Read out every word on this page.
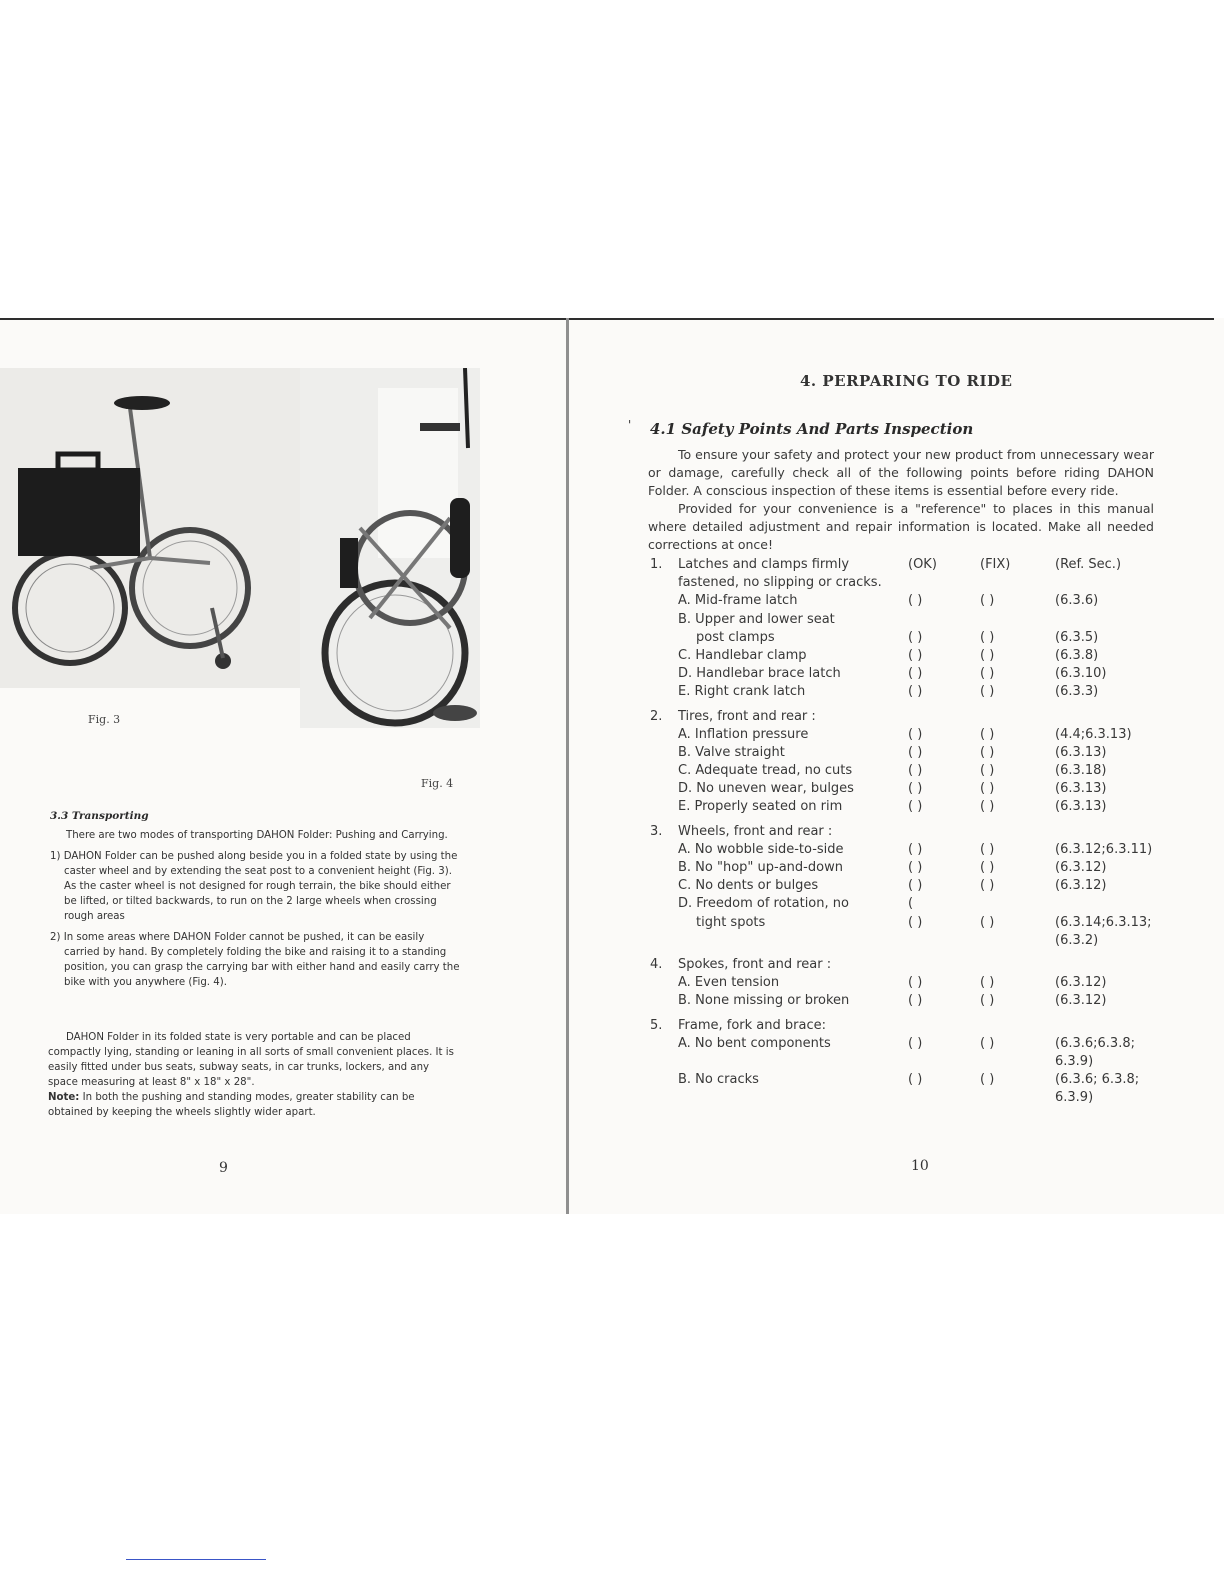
Fig. 3
Fig. 4
3.3 Transporting
There are two modes of transporting DAHON Folder: Pushing and Carrying.
1) DAHON Folder can be pushed along beside you in a folded state by using the caster wheel and by extending the seat post to a convenient height (Fig. 3). As the caster wheel is not designed for rough terrain, the bike should either be lifted, or tilted backwards, to run on the 2 large wheels when crossing rough areas
2) In some areas where DAHON Folder cannot be pushed, it can be easily carried by hand. By completely folding the bike and raising it to a standing position, you can grasp the carrying bar with either hand and easily carry the bike with you anywhere (Fig. 4).
DAHON Folder in its folded state is very portable and can be placed compactly lying, standing or leaning in all sorts of small convenient places. It is easily fitted under bus seats, subway seats, in car trunks, lockers, and any space measuring at least 8" x 18" x 28".
Note: In both the pushing and standing modes, greater stability can be obtained by keeping the wheels slightly wider apart.
9
4. PERPARING TO RIDE
' 4.1 Safety Points And Parts Inspection
To ensure your safety and protect your new product from unnecessary wear or damage, carefully check all of the following points before riding DAHON Folder. A conscious inspection of these items is essential before every ride.
Provided for your convenience is a "reference" to places in this manual where detailed adjustment and repair information is located. Make all needed corrections at once!
1.	Latches and clamps firmly	(OK)	(FIX)	(Ref. Sec.)
fastened, no slipping or cracks.
A. Mid-frame latch	( )	( )	(6.3.6)
B. Upper and lower seat
post clamps	( )	( )	(6.3.5)
C. Handlebar clamp	( )	( )	(6.3.8)
D. Handlebar brace latch	( )	( )	(6.3.10)
E. Right crank latch	( )	( )	(6.3.3)
2.	Tires, front and rear :
A. Inflation pressure	( )	( )	(4.4;6.3.13)
B. Valve straight	( )	( )	(6.3.13)
C. Adequate tread, no cuts	( )	( )	(6.3.18)
D. No uneven wear, bulges	( )	( )	(6.3.13)
E. Properly seated on rim	( )	( )	(6.3.13)
3.	Wheels, front and rear :
A. No wobble side-to-side	( )	( )	(6.3.12;6.3.11)
B. No "hop" up-and-down	( )	( )	(6.3.12)
C. No dents or bulges	( )	( )	(6.3.12)
D. Freedom of rotation, no	(
tight spots	( )	( )	(6.3.14;6.3.13;
(6.3.2)
4.	Spokes, front and rear :
A. Even tension	( )	( )	(6.3.12)
B. None missing or broken	( )	( )	(6.3.12)
5.	Frame, fork and brace:
A. No bent components	( )	( )	(6.3.6;6.3.8;
6.3.9)
B. No cracks	( )	( )	(6.3.6; 6.3.8;
6.3.9)
10
